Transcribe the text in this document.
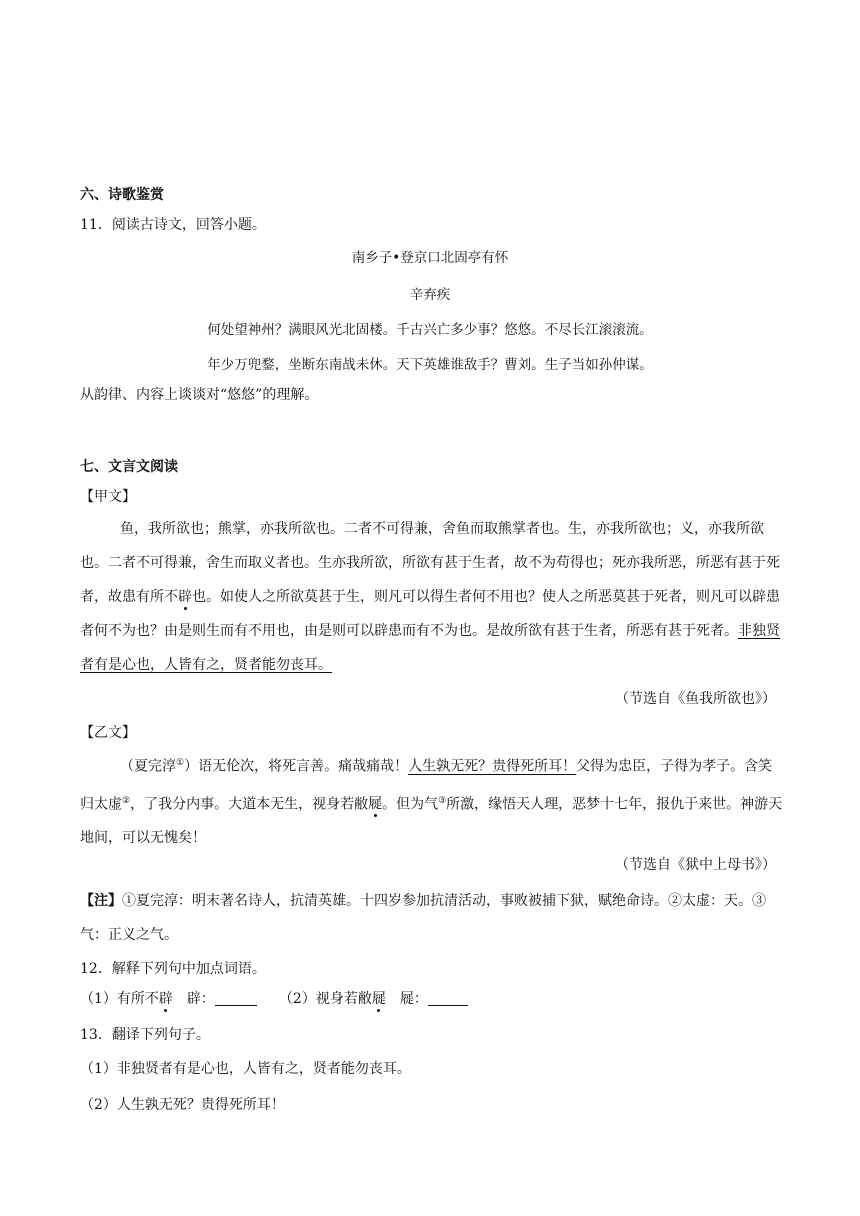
六、诗歌鉴赏
11．阅读古诗文，回答小题。
南乡子•登京口北固亭有怀
辛弃疾
何处望神州？满眼风光北固楼。千古兴亡多少事？悠悠。不尽长江滚滚流。
年少万兜鍪，坐断东南战未休。天下英雄谁敌手？曹刘。生子当如孙仲谋。
从韵律、内容上谈谈对“悠悠”的理解。
七、文言文阅读
【甲文】
鱼，我所欲也；熊掌，亦我所欲也。二者不可得兼，舍鱼而取熊掌者也。生，亦我所欲也；义，亦我所欲也。二者不可得兼，舍生而取义者也。生亦我所欲，所欲有甚于生者，故不为苟得也；死亦我所恶，所恶有甚于死者，故患有所不辟也。如使人之所欲莫甚于生，则凡可以得生者何不用也？使人之所恶莫甚于死者，则凡可以辟患者何不为也？由是则生而有不用也，由是则可以辟患而有不为也。是故所欲有甚于生者，所恶有甚于死者。非独贤者有是心也，人皆有之，贤者能勿丧耳。
（节选自《鱼我所欲也》）
【乙文】
（夏完淳①）语无伦次，将死言善。痛哉痛哉！人生孰无死？贵得死所耳！父得为忠臣，子得为孝子。含笑归太虚②，了我分内事。大道本无生，视身若敝屣。但为气③所激，缘悟天人理，恶梦十七年，报仇于来世。神游天地间，可以无愧矣！
（节选自《狱中上母书》）
【注】①夏完淳：明末著名诗人，抗清英雄。十四岁参加抗清活动，事败被捕下狱，赋绝命诗。②太虚：天。③气：正义之气。
12．解释下列句中加点词语。
（1）有所不辟　辟：	（2）视身若敝屣　屣：
13．翻译下列句子。
（1）非独贤者有是心也，人皆有之，贤者能勿丧耳。
（2）人生孰无死？贵得死所耳！
